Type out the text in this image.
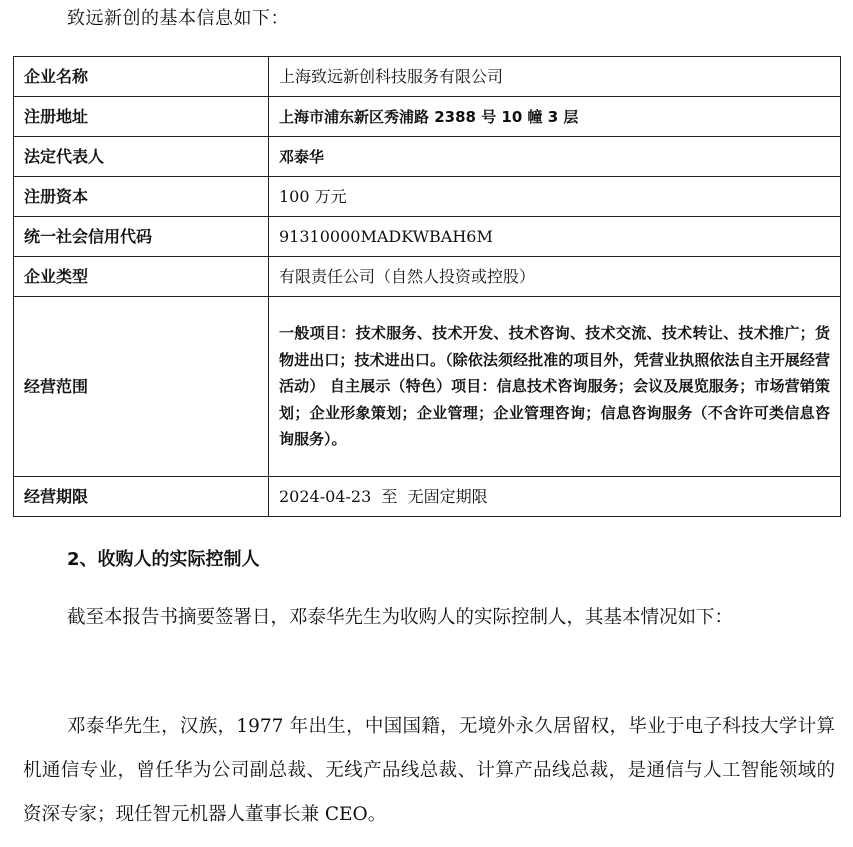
致远新创的基本信息如下：
企业名称	上海致远新创科技服务有限公司
注册地址	上海市浦东新区秀浦路 2388 号 10 幢 3 层
法定代表人	邓泰华
注册资本	100 万元
统一社会信用代码	91310000MADKWBAH6M
企业类型	有限责任公司（自然人投资或控股）
经营范围	一般项目：技术服务、技术开发、技术咨询、技术交流、技术转让、技术推广；货物进出口；技术进出口。（除依法须经批准的项目外，凭营业执照依法自主开展经营活动） 自主展示（特色）项目：信息技术咨询服务；会议及展览服务；市场营销策划；企业形象策划；企业管理；企业管理咨询；信息咨询服务（不含许可类信息咨询服务）。
经营期限	2024-04-23  至  无固定期限
2、收购人的实际控制人
截至本报告书摘要签署日，邓泰华先生为收购人的实际控制人，其基本情况如下：
邓泰华先生，汉族，1977 年出生，中国国籍，无境外永久居留权，毕业于电子科技大学计算机通信专业，曾任华为公司副总裁、无线产品线总裁、计算产品线总裁，是通信与人工智能领域的资深专家；现任智元机器人董事长兼 CEO。
